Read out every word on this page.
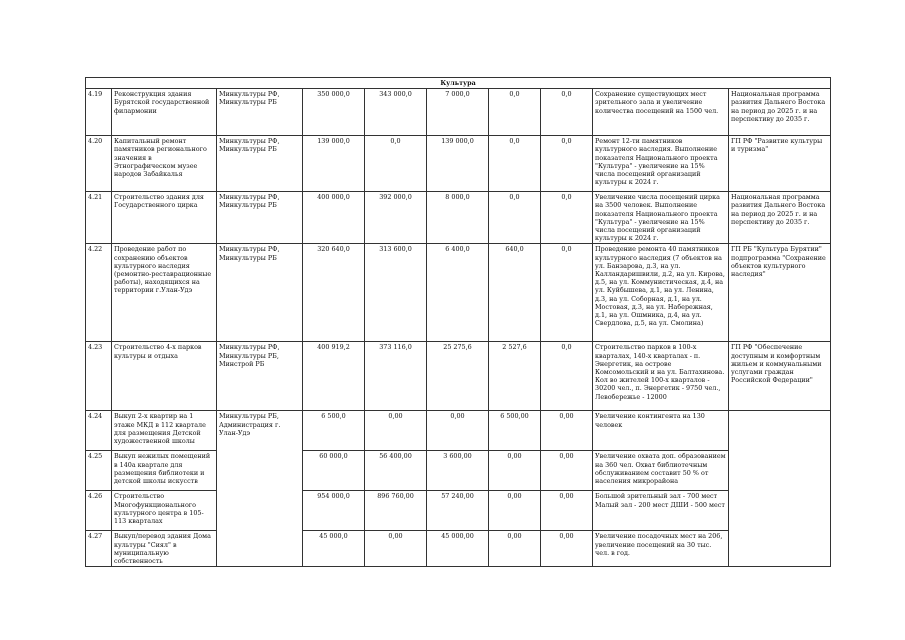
Культура									
4.19	Реконструкция здания Бурятской государственной филармонии	Минкультуры РФ, Минкультуры РБ	350 000,0	343 000,0	7 000,0	0,0	0,0	Сохранение существующих мест зрительного зала и увеличение количества посещений на 1500 чел.	Национальная программа развития Дальнего Востока на период до 2025 г. и на перспективу до 2035 г.
4.20	Капитальный ремонт памятников регионального значения в Этнографическом музее народов Забайкалья	Минкультуры РФ, Минкультуры РБ	139 000,0	0,0	139 000,0	0,0	0,0	Ремонт 12-ти памятников культурного наследия. Выполнение показателя Национального проекта "Культура" - увеличение на 15% числа посещений организаций культуры к 2024 г.	ГП РФ "Развитие культуры и туризма"
4.21	Строительство здания для Государственного цирка	Минкультуры РФ, Минкультуры РБ	400 000,0	392 000,0	8 000,0	0,0	0,0	Увеличение числа посещений цирка на 3500 человек. Выполнение показателя Национального проекта "Культура" - увеличение на 15% числа посещений организаций культуры к 2024 г.	Национальная программа развития Дальнего Востока на период до 2025 г. и на перспективу до 2035 г.
4.22	Проведение работ по сохранению объектов культурного наследия (ремонтно-реставрационные работы), находящихся на территории г.Улан-Удэ	Минкультуры РФ, Минкультуры РБ	320 640,0	313 600,0	6 400,0	640,0	0,0	Проведение ремонта 40 памятников культурного наследия (7 объектов на ул. Банзарова, д.3, на ул. Калландаришвили, д.2, на ул. Кирова, д.5, на ул. Коммунистическая, д.4, на ул. Куйбышева, д.1, на ул. Ленина, д.3, на ул. Соборная, д.1, на ул. Мостовая, д.3, на ул. Набережная, д.1, на ул. Ошмника, д.4, на ул. Свердлова, д.5, на ул. Смолина)	ГП РБ "Культура Бурятии" подпрограмма "Сохранение объектов культурного наследия"
4.23	Строительство 4-х парков культуры и отдыха	Минкультуры РФ, Минкультуры РБ, Минстрой РБ	400 919,2	373 116,0	25 275,6	2 527,6	0,0	Строительство парков в 100-х кварталах, 140-х кварталах - п. Энергетик, на острове Комсомольский и на ул. Балтахинова. Кол во жителей 100-х кварталов - 30200 чел., п. Энергетик - 9750 чел., Левобережье - 12000	ГП РФ "Обеспечение доступным и комфортным жильем и коммунальными услугами граждан Российской Федерации"
4.24	Выкуп 2-х квартир на 1 этаже МКД в 112 квартале для размещения Детской художественной школы	Минкультуры РБ, Администрация г. Улан-Удэ	6 500,0	0,00	0,00	6 500,00	0,00	Увеличение контингента на 130 человек	
4.25	Выкуп нежилых помещений в 140а квартале для размещения библиотеки и детской школы искусств		60 000,0	56 400,00	3 600,00	0,00	0,00	Увеличение охвата доп. образованием на 360 чел. Охват библиотечным обслуживанием составит 50 % от населения микрорайона	
4.26	Строительство Многофункционального культурного центра в 105-113 кварталах		954 000,0	896 760,00	57 240,00	0,00	0,00	Большой зрительный зал - 700 мест Малый зал - 200 мест ДШИ - 500 мест	
4.27	Выкуп/перевод здания Дома культуры "Сиял" в муниципальную собственность		45 000,0	0,00	45 000,00	0,00	0,00	Увеличение посадочных мест на 206, увеличение посещений на 30 тыс. чел. в год.	
